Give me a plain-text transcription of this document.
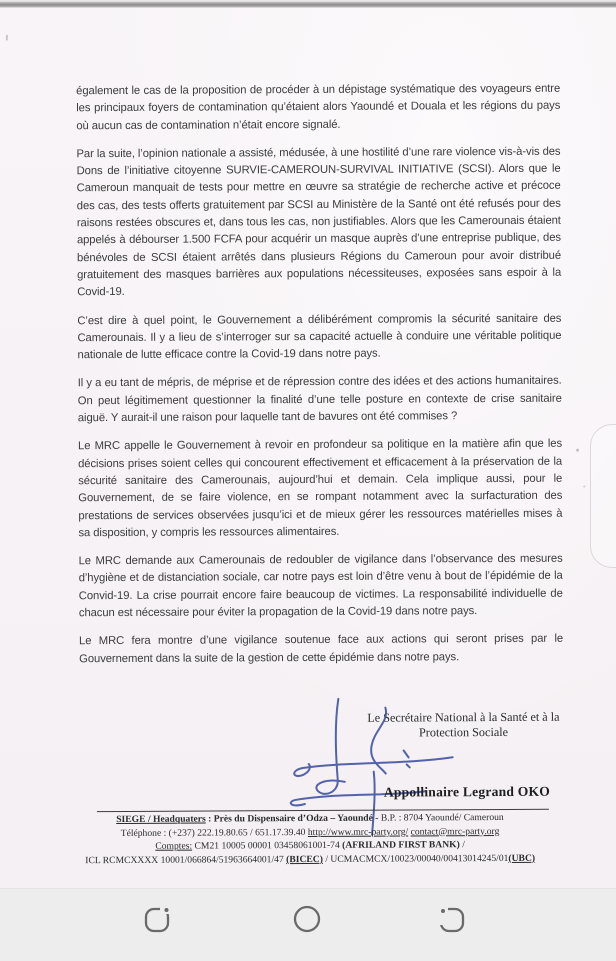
également le cas de la proposition de procéder à un dépistage systématique des voyageurs entre les principaux foyers de contamination qu’étaient alors Yaoundé et Douala et les régions du pays où aucun cas de contamination n’était encore signalé.

Par la suite, l’opinion nationale a assisté, médusée, à une hostilité d’une rare violence vis-à-vis des Dons de l’initiative citoyenne SURVIE-CAMEROUN-SURVIVAL INITIATIVE (SCSI). Alors que le Cameroun manquait de tests pour mettre en œuvre sa stratégie de recherche active et précoce des cas, des tests offerts gratuitement par SCSI au Ministère de la Santé ont été refusés pour des raisons restées obscures et, dans tous les cas, non justifiables. Alors que les Camerounais étaient appelés à débourser 1.500 FCFA pour acquérir un masque auprès d’une entreprise publique, des bénévoles de SCSI étaient arrêtés dans plusieurs Régions du Cameroun pour avoir distribué gratuitement des masques barrières aux populations nécessiteuses, exposées sans espoir à la Covid-19.

C’est dire à quel point, le Gouvernement a délibérément compromis la sécurité sanitaire des Camerounais. Il y a lieu de s’interroger sur sa capacité actuelle à conduire une véritable politique nationale de lutte efficace contre la Covid-19 dans notre pays.

Il y a eu tant de mépris, de méprise et de répression contre des idées et des actions humanitaires. On peut légitimement questionner la finalité d’une telle posture en contexte de crise sanitaire aiguë. Y aurait-il une raison pour laquelle tant de bavures ont été commises ?

Le MRC appelle le Gouvernement à revoir en profondeur sa politique en la matière afin que les décisions prises soient celles qui concourent effectivement et efficacement à la préservation de la sécurité sanitaire des Camerounais, aujourd’hui et demain. Cela implique aussi, pour le Gouvernement, de se faire violence, en se rompant notamment avec la surfacturation des prestations de services observées jusqu’ici et de mieux gérer les ressources matérielles mises à sa disposition, y compris les ressources alimentaires.

Le MRC demande aux Camerounais de redoubler de vigilance dans l’observance des mesures d’hygiène et de distanciation sociale, car notre pays est loin d’être venu à bout de l’épidémie de la Convid-19. La crise pourrait encore faire beaucoup de victimes. La responsabilité individuelle de chacun est nécessaire pour éviter la propagation de la Covid-19 dans notre pays.

Le MRC fera montre d’une vigilance soutenue face aux actions qui seront prises par le Gouvernement dans la suite de la gestion de cette épidémie dans notre pays.

Le Secrétaire National à la Santé et à la
Protection Sociale
Appollinaire Legrand OKO
SIEGE / Headquaters : Près du Dispensaire d’Odza – Yaoundé - B.P. : 8704 Yaoundé/ Cameroun
Téléphone : (+237) 222.19.80.65 / 651.17.39.40 http://www.mrc-party.org/ contact@mrc-party.org
Comptes: CM21 10005 00001 03458061001-74 (AFRILAND FIRST BANK) /
ICL RCMCXXXX 10001/066864/51963664001/47 (BICEC) / UCMACMCX/10023/00040/00413014245/01(UBC)
